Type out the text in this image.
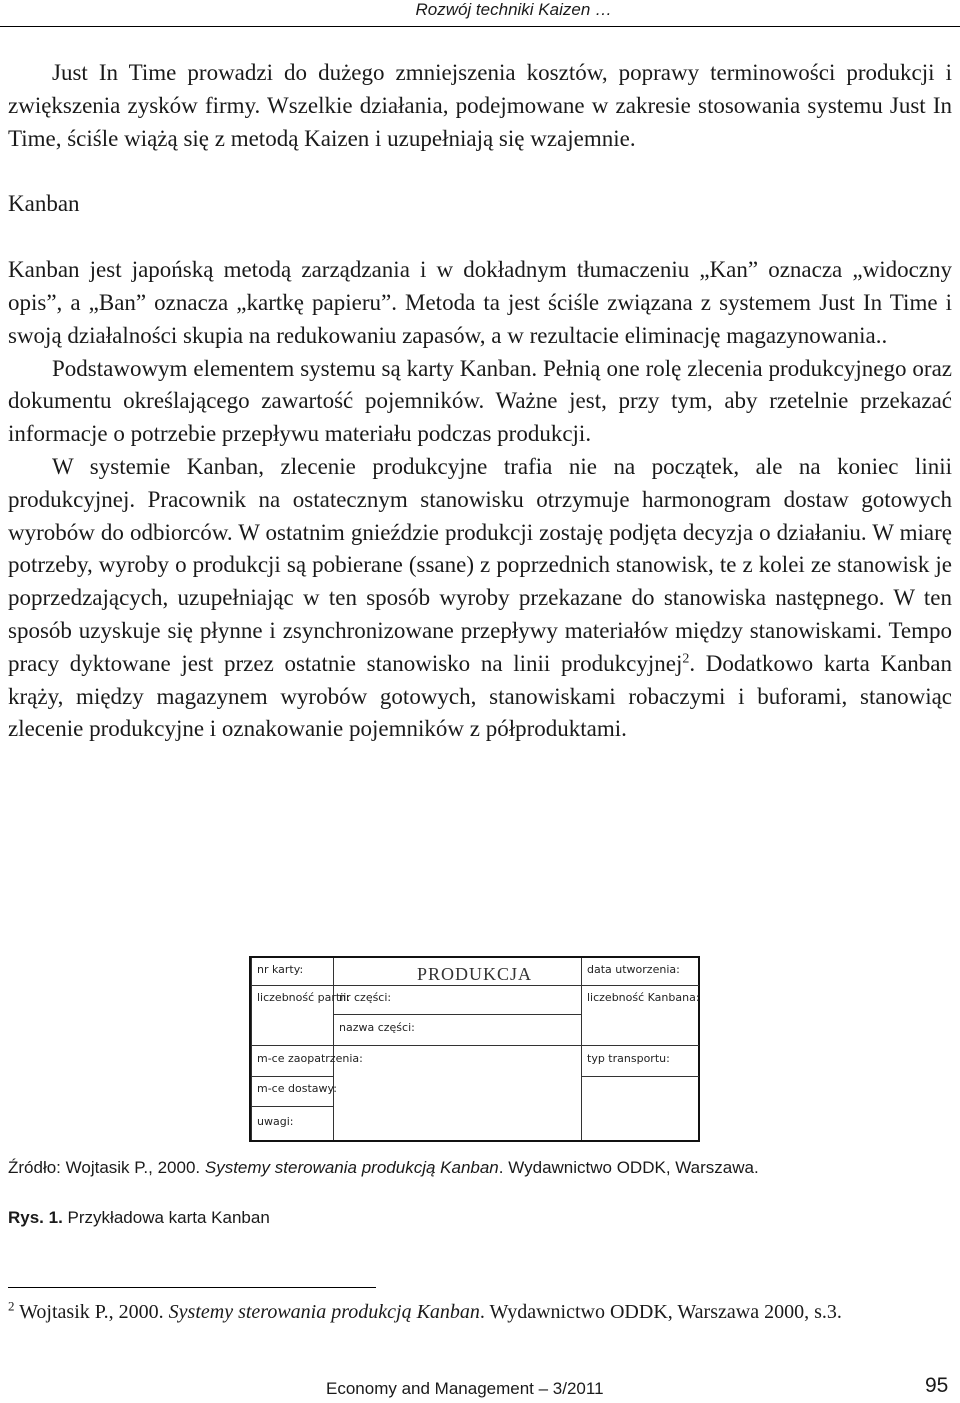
Rozwój techniki Kaizen …

Just In Time prowadzi do dużego zmniejszenia kosztów, poprawy terminowości produkcji i zwiększenia zysków firmy. Wszelkie działania, podejmowane w zakresie stosowania systemu Just In Time, ściśle wiążą się z metodą Kaizen i uzupełniają się wzajemnie.

Kanban

Kanban jest japońską metodą zarządzania i w dokładnym tłumaczeniu „Kan” oznacza „widoczny opis”, a „Ban” oznacza „kartkę papieru”. Metoda ta jest ściśle związana z systemem Just In Time i swoją działalności skupia na redukowaniu zapasów, a w rezultacie eliminację magazynowania..

Podstawowym elementem systemu są karty Kanban. Pełnią one rolę zlecenia produkcyjnego oraz dokumentu określającego zawartość pojemników. Ważne jest, przy tym, aby rzetelnie przekazać informacje o potrzebie przepływu materiału podczas produkcji.

W systemie Kanban, zlecenie produkcyjne trafia nie na początek, ale na koniec linii produkcyjnej. Pracownik na ostatecznym stanowisku otrzymuje harmonogram dostaw gotowych wyrobów do odbiorców. W ostatnim gnieździe produkcji zostaję podjęta decyzja o działaniu. W miarę potrzeby, wyroby o produkcji są pobierane (ssane) z poprzednich stanowisk, te z kolei ze stanowisk je poprzedzających, uzupełniając w ten sposób wyroby przekazane do stanowiska następnego. W ten sposób uzyskuje się płynne i zsynchronizowane przepływy materiałów między stanowiskami. Tempo pracy dyktowane jest przez ostatnie stanowisko na linii produkcyjnej$^2$. Dodatkowo karta Kanban krąży, między magazynem wyrobów gotowych, stanowiskami robaczymi i buforami, stanowiąc zlecenie produkcyjne i oznakowanie pojemników z półproduktami.

nr karty:
liczebność partii:
m-ce zaopatrzenia:
m-ce dostawy:
uwagi:
PRODUKCJA
nr części:
nazwa części:
data utworzenia:
liczebność Kanbana:
typ transportu:
Źródło: Wojtasik P., 2000. Systemy sterowania produkcją Kanban. Wydawnictwo ODDK, Warszawa.
Rys. 1. Przykładowa karta Kanban
$^2$ Wojtasik P., 2000. Systemy sterowania produkcją Kanban. Wydawnictwo ODDK, Warszawa 2000, s.3.
Economy and Management – 3/2011	95
